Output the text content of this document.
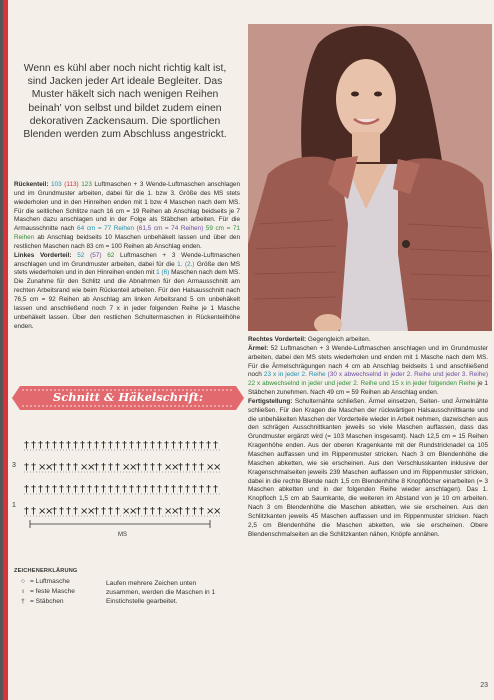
Wenn es kühl aber noch nicht richtig kalt ist, sind Jacken jeder Art ideale Begleiter. Das Muster häkelt sich nach wenigen Reihen beinah' von selbst und bildet zudem einen dekorativen Zackensaum. Die sportlichen Blenden werden zum Abschluss angestrickt.

Rückenteil: 103 (113) 123 Luftmaschen + 3 Wende-Luftmaschen anschlagen und im Grundmuster arbeiten, dabei für die 1. bzw 3. Größe des MS stets wiederholen und in den Hinreihen enden mit 1 bzw 4 Maschen nach dem MS. Für die seitlichen Schlitze nach 16 cm = 19 Reihen ab Anschlag beidseits je 7 Maschen dazu anschlagen und in der Folge als Stäbchen arbeiten. Für die Armausschnitte nach 64 cm = 77 Reihen (61,5 cm = 74 Reihen) 59 cm = 71 Reihen ab Anschlag beidseits 10 Maschen unbehäkelt lassen und über den restlichen Maschen nach 83 cm = 100 Reihen ab Anschlag enden.

Linkes Vorderteil: 52 (57) 62 Luftmaschen + 3 Wende-Luftmaschen anschlagen und im Grundmuster arbeiten, dabei für die 1. (2.) Größe den MS stets wiederholen und in den Hinreihen enden mit 1 (6) Maschen nach dem MS. Die Zunahme für den Schlitz und die Abnahmen für den Armausschnitt am rechten Arbeitsrand wie beim Rückenteil arbeiten. Für den Halsausschnitt nach 76,5 cm = 92 Reihen ab Anschlag am linken Arbeitsrand 5 cm unbehäkelt lassen und anschließend noch 7 x in jeder folgenden Reihe je 1 Masche unbehäkelt lassen. Über den restlichen Schultermaschen in Rückenteilhöhe enden.

Rechtes Vorderteil: Gegengleich arbeiten.

Ärmel: 52 Luftmaschen + 3 Wende-Luftmaschen anschlagen und im Grundmuster arbeiten, dabei den MS stets wiederholen und enden mit 1 Masche nach dem MS. Für die Ärmelschrägungen nach 4 cm ab Anschlag beidseits 1 und anschließend noch 23 x in jeder 2. Reihe (30 x abwechselnd in jeder 2. Reihe und jeder 3. Reihe) 22 x abwechselnd in jeder und jeder 2. Reihe und 15 x in jeder folgenden Reihe je 1 Stäbchen zunehmen. Nach 49 cm = 59 Reihen ab Anschlag enden.

Fertigstellung: Schulternähte schließen. Ärmel einsetzen, Seiten- und Ärmelnähte schließen. Für den Kragen die Maschen der rückwärtigen Halsausschnittkante und die unbehäkelten Maschen der Vorderteile wieder in Arbeit nehmen, dazwischen aus den schrägen Ausschnittkanten jeweils so viele Maschen auffassen, dass das Grundmuster ergänzt wird (= 103 Maschen insgesamt). Nach 12,5 cm = 15 Reihen Kragenhöhe enden. Aus der oberen Kragenkante mit der Rundstricknadel ca 105 Maschen auffassen und im Rippenmuster stricken. Nach 3 cm Blendenhöhe die Maschen abketten, wie sie erscheinen. Aus den Verschlusskanten inklusive der Kragenschmalseiten jeweils 239 Maschen auffassen und im Rippenmuster stricken, dabei in die rechte Blende nach 1,5 cm Blendenhöhe 8 Knopflöcher einarbeiten (= 3 Maschen abketten und in der folgenden Reihe wieder anschlagen). Das 1. Knopfloch 1,5 cm ab Saumkante, die weiteren im Abstand von je 10 cm arbeiten. Nach 3 cm Blendenhöhe die Maschen abketten, wie sie erscheinen. Aus den Schlitzkanten jeweils 45 Maschen auffassen und im Rippenmuster stricken. Nach 2,5 cm Blendenhöhe die Maschen abketten, wie sie erscheinen. Obere Blendenschmalseiten an die Schlitzkanten nähen, Knöpfe annähen.

Schnitt & Häkelschrift:
† † † † † † † † † † † † † † † † † † † † † † † † † † † †
† † ×
×
† † † † ×
×
† † † † ×
×
† † † † ×
×
† † † † ×
×
† † † † † † † † † † † † † † † † † † † † † † † † † † † †
† † ×
×
† † † † ×
×
† † † † ×
×
† † † † ×
×
† † † † ×
×
MS
3
1
ZEICHENERKLÄRUNG
○ = Luftmasche
ı = feste Masche
† = Stäbchen
Laufen mehrere Zeichen unten zusammen, werden die Maschen in 1 Einstichstelle gearbeitet.
23
